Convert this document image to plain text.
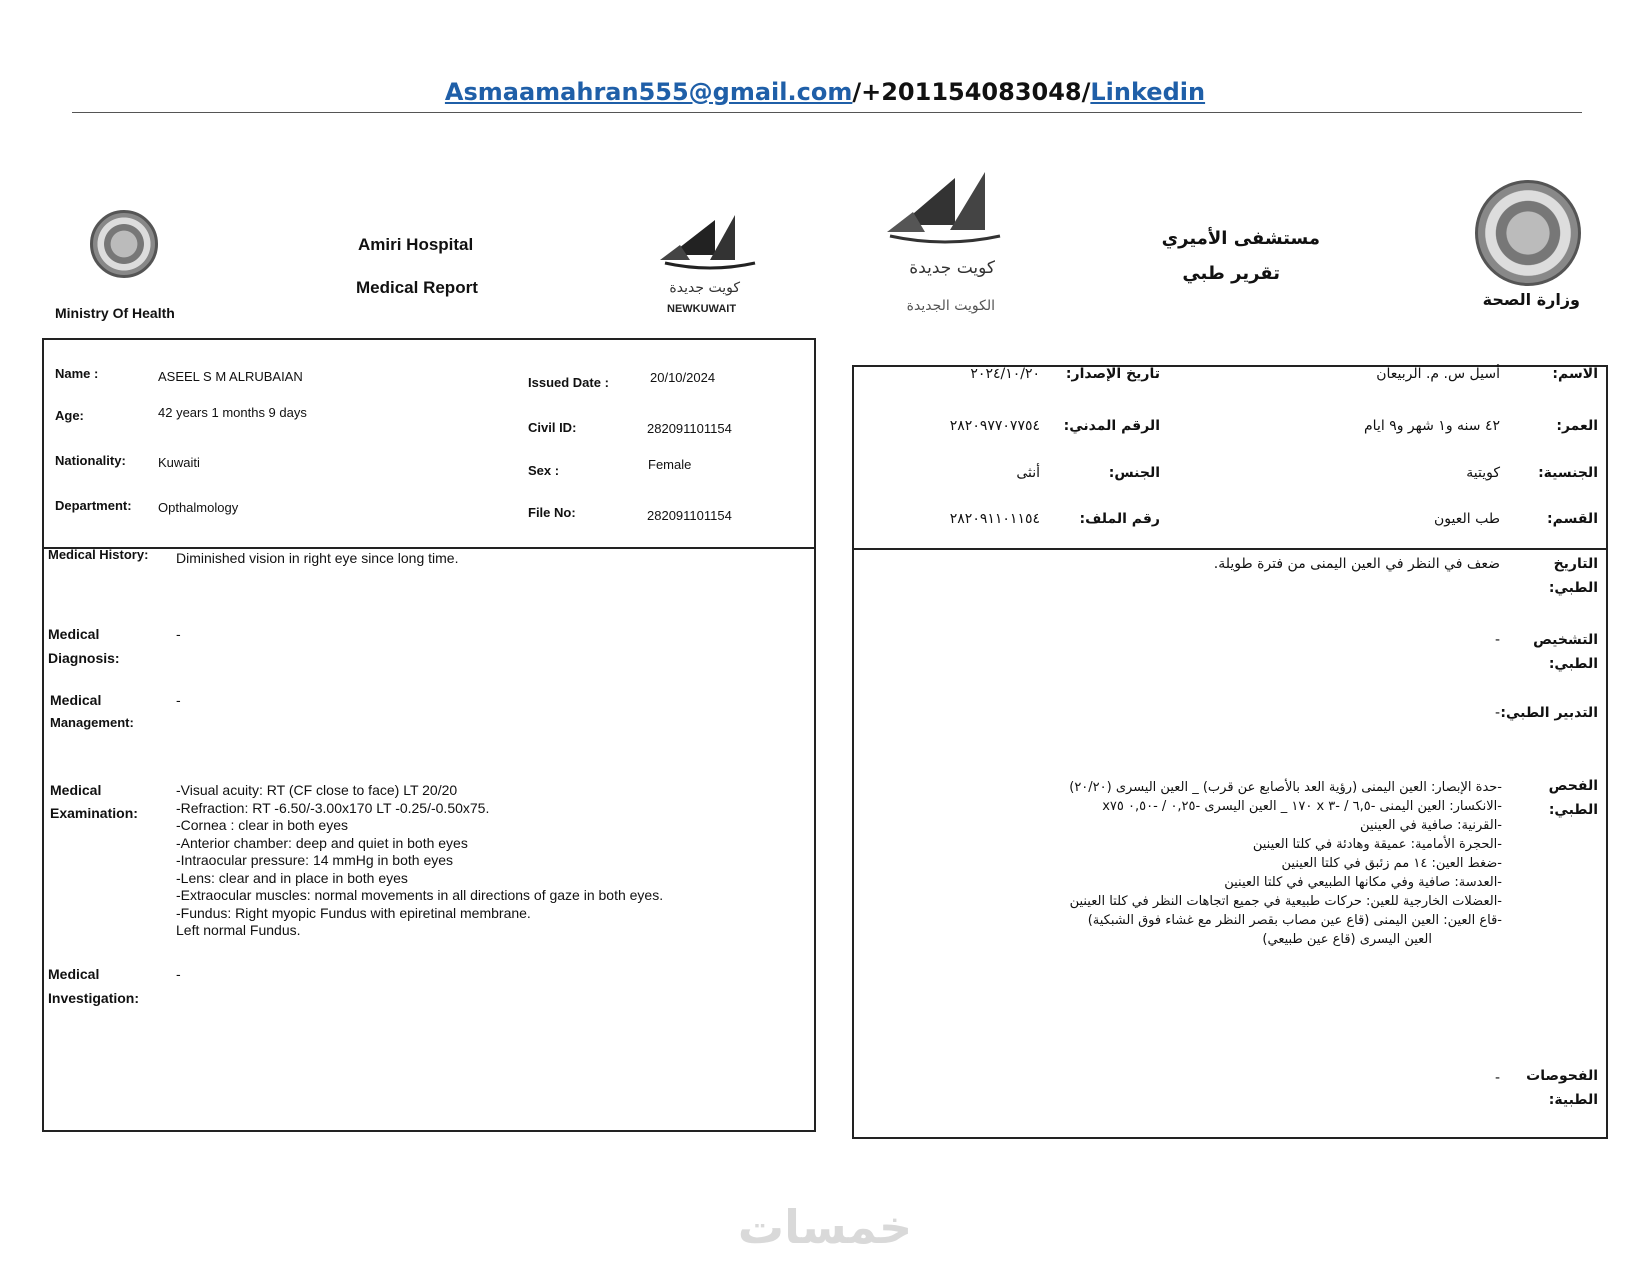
Asmaamahran555@gmail.com/+201154083048/Linkedin
Ministry Of Health
Amiri Hospital
Medical Report	كويت جديدة
NEWKUWAIT
Name :	ASEEL S M ALRUBAIAN	Issued Date :	20/10/2024
Age:	42 years 1 months 9 days
Civil ID:	282091101154
Nationality: Kuwaiti
Sex :	Female
Department: Opthalmology	File No:	282091101154
Medical History: Diminished vision in right eye since long time.
Medical
Diagnosis:
-
Medical
Management:
-
Medical
Examination:
-Visual acuity: RT (CF close to face) LT 20/20
-Refraction: RT -6.50/-3.00x170 LT -0.25/-0.50x75.
-Cornea : clear in both eyes
-Anterior chamber: deep and quiet in both eyes
-Intraocular pressure: 14 mmHg in both eyes
-Lens: clear and in place in both eyes
-Extraocular muscles: normal movements in all directions of gaze in both eyes.
-Fundus: Right myopic Fundus with epiretinal membrane.
Left normal Fundus.
Medical
Investigation:
-
كويت جديدة
الكويت الجديدة
مستشفى الأميري
تقرير طبي
وزارة الصحة
الاسم:
أسيل س. م. الربيعان
تاريخ الإصدار:
٢٠٢٤/١٠/٢٠
العمر:
٤٢ سنه و١ شهر و٩ ايام
الرقم المدني:
٢٨٢٠٩٧٧٠٧٧٥٤
الجنسية:
كويتية
الجنس:
أنثى
القسم:
طب العيون
رقم الملف:
٢٨٢٠٩١١٠١١٥٤
التاريخ
الطبي:
ضعف في النظر في العين اليمنى من فترة طويلة.
التشخيص
الطبي:
-
التدبير الطبي:
-
الفحص
الطبي:
-حدة الإبصار: العين اليمنى (رؤية العد بالأصابع عن قرب) _ العين اليسرى (٢٠/٢٠)
-الانكسار: العين اليمنى -٦,٥ / -٣ x ١٧٠ _ العين اليسرى -٠,٢٥ / -٠,٥٠ x٧٥
-القرنية: صافية في العينين
-الحجرة الأمامية: عميقة وهادئة في كلتا العينين
-ضغط العين: ١٤ مم زئبق في كلتا العينين
-العدسة: صافية وفي مكانها الطبيعي في كلتا العينين
-العضلات الخارجية للعين: حركات طبيعية في جميع اتجاهات النظر في كلتا العينين
-قاع العين: العين اليمنى (قاع عين مصاب بقصر النظر مع غشاء فوق الشبكية)
العين اليسرى (قاع عين طبيعي)
الفحوصات
الطبية:
-
خمسات
